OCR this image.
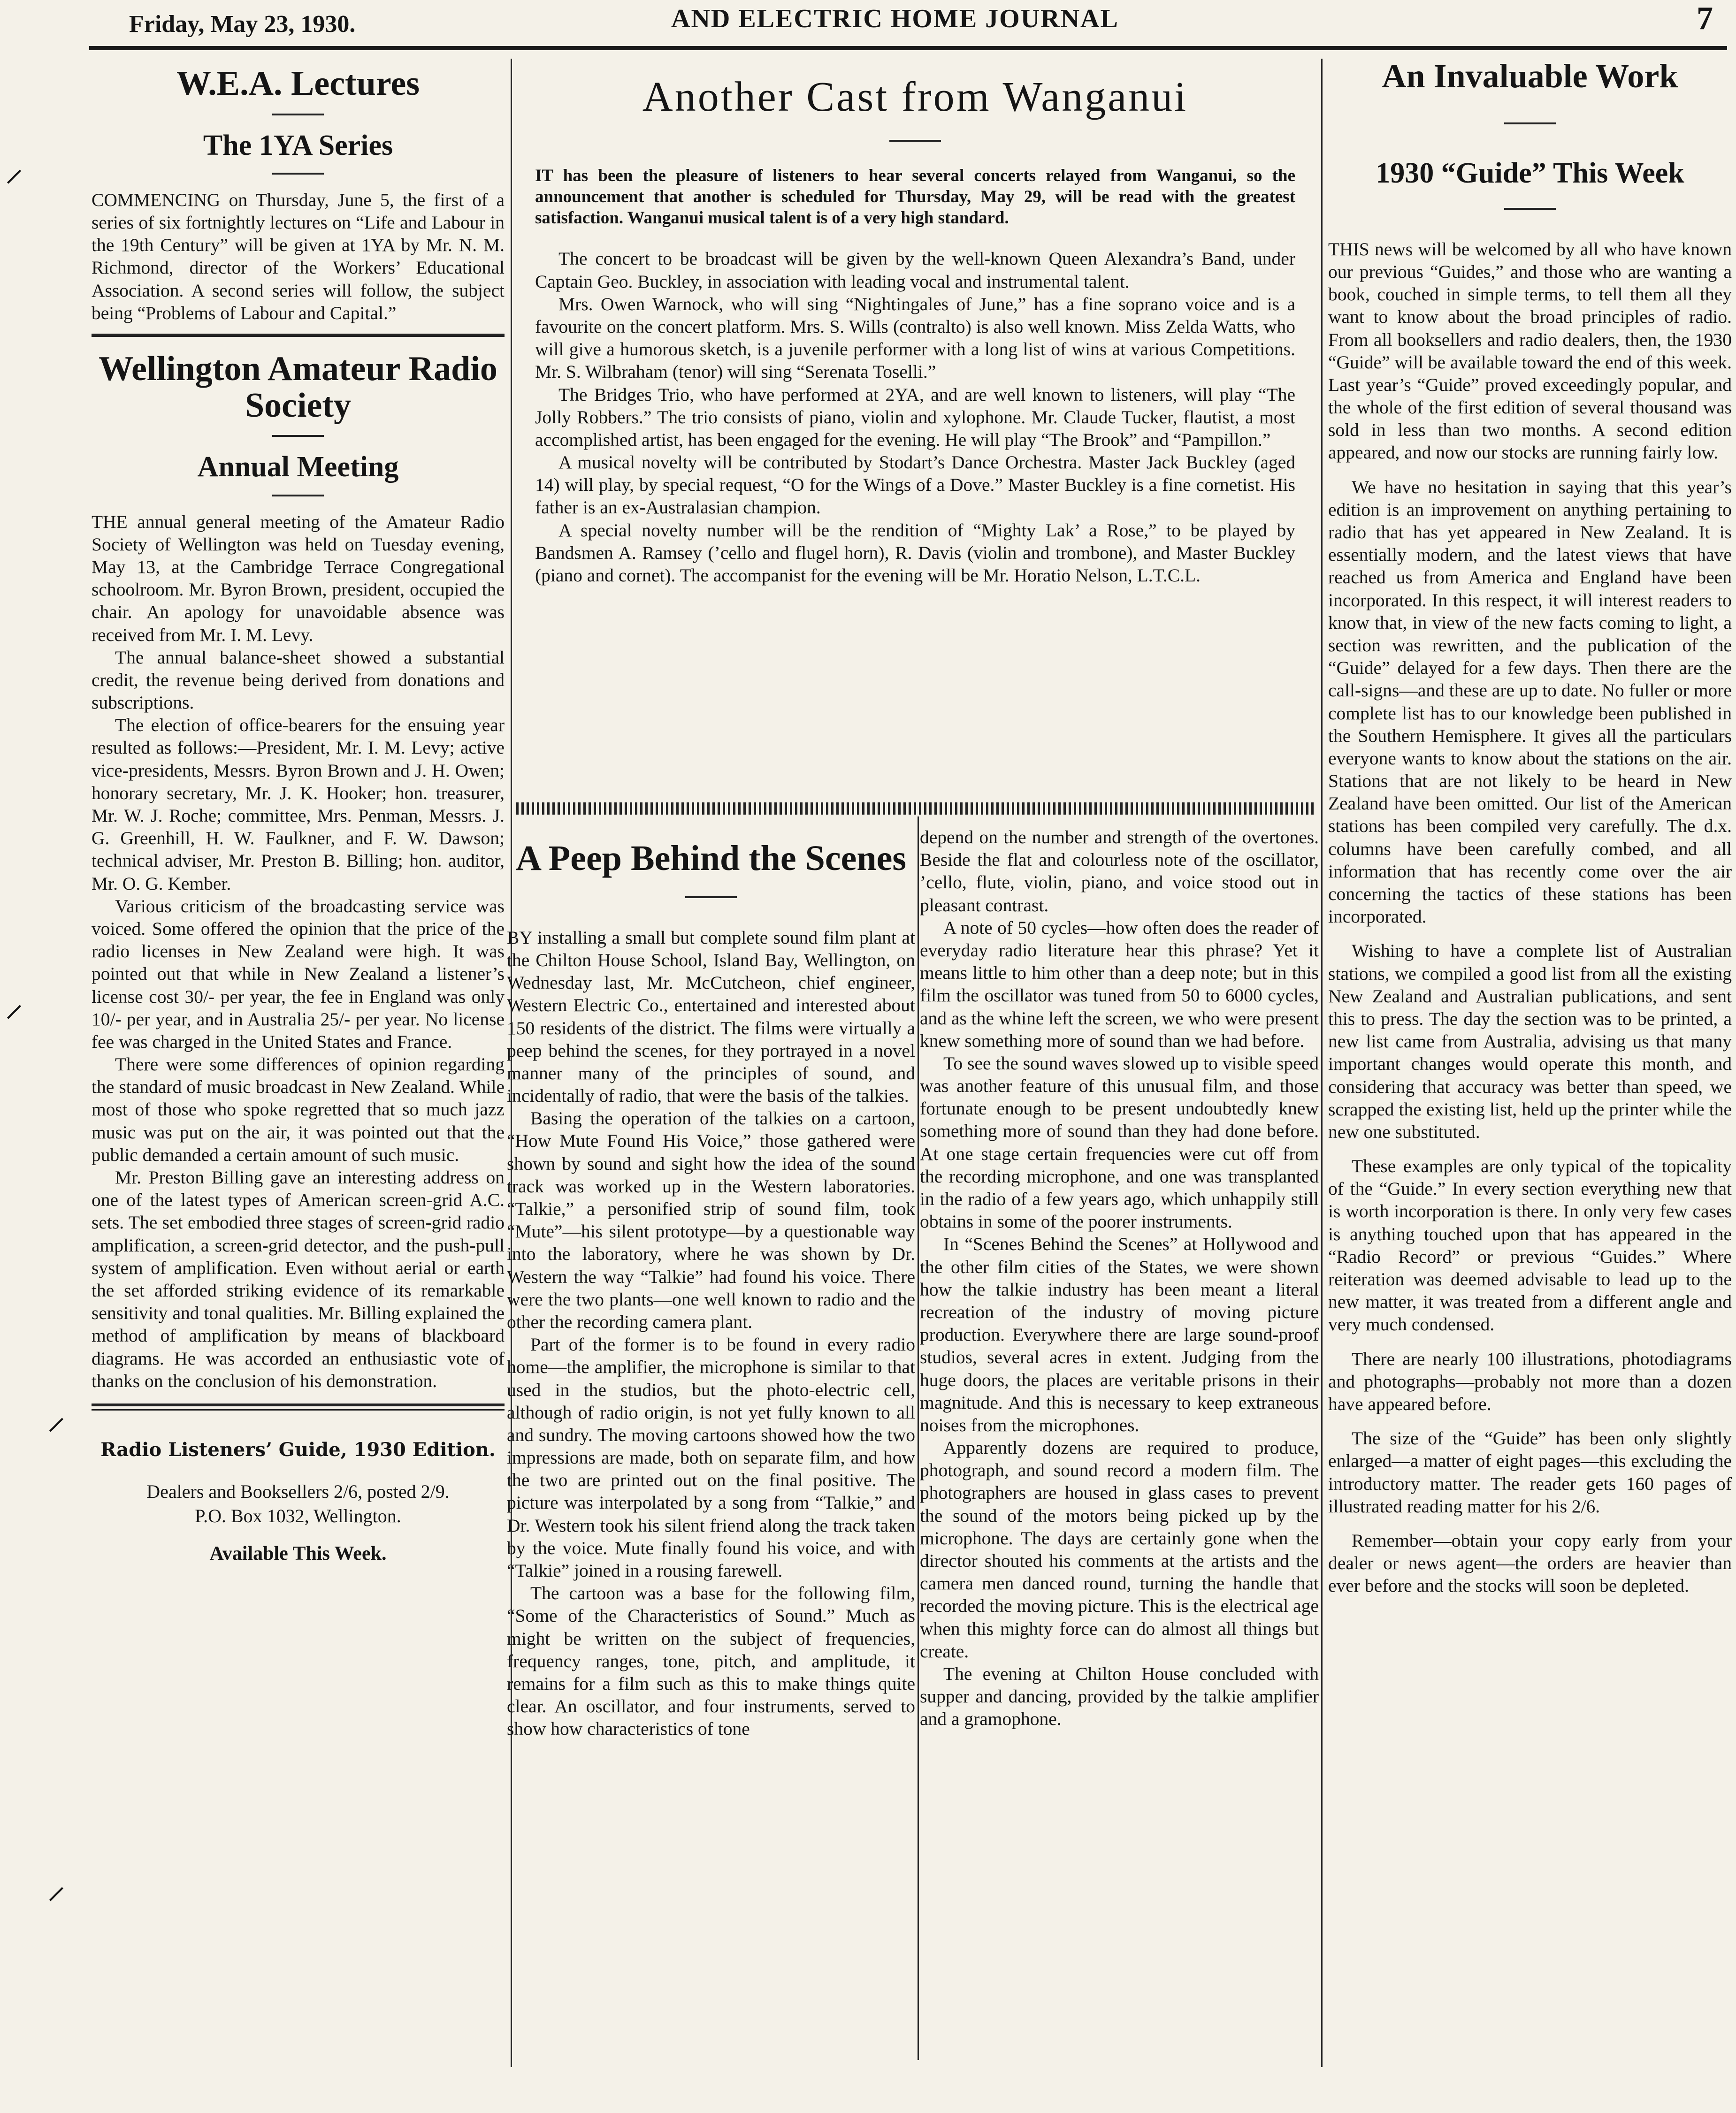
Friday, May 23, 1930.	AND ELECTRIC HOME JOURNAL	7
W.E.A. Lectures
The 1YA Series

COMMENCING on Thursday, June 5, the first of a series of six fortnightly lectures on “Life and Labour in the 19th Century” will be given at 1YA by Mr. N. M. Richmond, director of the Workers’ Educational Association. A second series will follow, the subject being “Problems of Labour and Capital.”

Wellington Amateur Radio Society
Annual Meeting

THE annual general meeting of the Amateur Radio Society of Wellington was held on Tuesday evening, May 13, at the Cambridge Terrace Congregational schoolroom. Mr. Byron Brown, president, occupied the chair. An apology for unavoidable absence was received from Mr. I. M. Levy.

The annual balance-sheet showed a substantial credit, the revenue being derived from donations and subscriptions.

The election of office-bearers for the ensuing year resulted as follows:—President, Mr. I. M. Levy; active vice-presidents, Messrs. Byron Brown and J. H. Owen; honorary secretary, Mr. J. K. Hooker; hon. treasurer, Mr. W. J. Roche; committee, Mrs. Penman, Messrs. J. G. Greenhill, H. W. Faulkner, and F. W. Dawson; technical adviser, Mr. Preston B. Billing; hon. auditor, Mr. O. G. Kember.

Various criticism of the broadcasting service was voiced. Some offered the opinion that the price of the radio licenses in New Zealand were high. It was pointed out that while in New Zealand a listener’s license cost 30/- per year, the fee in England was only 10/- per year, and in Australia 25/- per year. No license fee was charged in the United States and France.

There were some differences of opinion regarding the standard of music broadcast in New Zealand. While most of those who spoke regretted that so much jazz music was put on the air, it was pointed out that the public demanded a certain amount of such music.

Mr. Preston Billing gave an interesting address on one of the latest types of American screen-grid A.C. sets. The set embodied three stages of screen-grid radio amplification, a screen-grid detector, and the push-pull system of amplification. Even without aerial or earth the set afforded striking evidence of its remarkable sensitivity and tonal qualities. Mr. Billing explained the method of amplification by means of blackboard diagrams. He was accorded an enthusiastic vote of thanks on the conclusion of his demonstration.

Radio Listeners’ Guide, 1930 Edition.
Dealers and Booksellers 2/6, posted 2/9.
P.O. Box 1032, Wellington.
Available This Week.
Another Cast from Wanganui

IT has been the pleasure of listeners to hear several concerts relayed from Wanganui, so the announcement that another is scheduled for Thursday, May 29, will be read with the greatest satisfaction. Wanganui musical talent is of a very high standard.

The concert to be broadcast will be given by the well-known Queen Alexandra’s Band, under Captain Geo. Buckley, in association with leading vocal and instrumental talent.

Mrs. Owen Warnock, who will sing “Nightingales of June,” has a fine soprano voice and is a favourite on the concert platform. Mrs. S. Wills (contralto) is also well known. Miss Zelda Watts, who will give a humorous sketch, is a juvenile performer with a long list of wins at various Competitions. Mr. S. Wilbraham (tenor) will sing “Serenata Toselli.”

The Bridges Trio, who have performed at 2YA, and are well known to listeners, will play “The Jolly Robbers.” The trio consists of piano, violin and xylophone. Mr. Claude Tucker, flautist, a most accomplished artist, has been engaged for the evening. He will play “The Brook” and “Pampillon.”

A musical novelty will be contributed by Stodart’s Dance Orchestra. Master Jack Buckley (aged 14) will play, by special request, “O for the Wings of a Dove.” Master Buckley is a fine cornetist. His father is an ex-Australasian champion.

A special novelty number will be the rendition of “Mighty Lak’ a Rose,” to be played by Bandsmen A. Ramsey (’cello and flugel horn), R. Davis (violin and trombone), and Master Buckley (piano and cornet). The accompanist for the evening will be Mr. Horatio Nelson, L.T.C.L.

A Peep Behind the Scenes

BY installing a small but complete sound film plant at the Chilton House School, Island Bay, Wellington, on Wednesday last, Mr. McCutcheon, chief engineer, Western Electric Co., entertained and interested about 150 residents of the district. The films were virtually a peep behind the scenes, for they portrayed in a novel manner many of the principles of sound, and incidentally of radio, that were the basis of the talkies.

Basing the operation of the talkies on a cartoon, “How Mute Found His Voice,” those gathered were shown by sound and sight how the idea of the sound track was worked up in the Western laboratories. “Talkie,” a personified strip of sound film, took “Mute”—his silent prototype—by a questionable way into the laboratory, where he was shown by Dr. Western the way “Talkie” had found his voice. There were the two plants—one well known to radio and the other the recording camera plant.

Part of the former is to be found in every radio home—the amplifier, the microphone is similar to that used in the studios, but the photo-electric cell, although of radio origin, is not yet fully known to all and sundry. The moving cartoons showed how the two impressions are made, both on separate film, and how the two are printed out on the final positive. The picture was interpolated by a song from “Talkie,” and Dr. Western took his silent friend along the track taken by the voice. Mute finally found his voice, and with “Talkie” joined in a rousing farewell.

The cartoon was a base for the following film, “Some of the Characteristics of Sound.” Much as might be written on the subject of frequencies, frequency ranges, tone, pitch, and amplitude, it remains for a film such as this to make things quite clear. An oscillator, and four instruments, served to show how characteristics of tone

depend on the number and strength of the overtones. Beside the flat and colourless note of the oscillator, ’cello, flute, violin, piano, and voice stood out in pleasant contrast.

A note of 50 cycles—how often does the reader of everyday radio literature hear this phrase? Yet it means little to him other than a deep note; but in this film the oscillator was tuned from 50 to 6000 cycles, and as the whine left the screen, we who were present knew something more of sound than we had before.

To see the sound waves slowed up to visible speed was another feature of this unusual film, and those fortunate enough to be present undoubtedly knew something more of sound than they had done before. At one stage certain frequencies were cut off from the recording microphone, and one was transplanted in the radio of a few years ago, which unhappily still obtains in some of the poorer instruments.

In “Scenes Behind the Scenes” at Hollywood and the other film cities of the States, we were shown how the talkie industry has been meant a literal recreation of the industry of moving picture production. Everywhere there are large sound-proof studios, several acres in extent. Judging from the huge doors, the places are veritable prisons in their magnitude. And this is necessary to keep extraneous noises from the microphones.

Apparently dozens are required to produce, photograph, and sound record a modern film. The photographers are housed in glass cases to prevent the sound of the motors being picked up by the microphone. The days are certainly gone when the director shouted his comments at the artists and the camera men danced round, turning the handle that recorded the moving picture. This is the electrical age when this mighty force can do almost all things but create.

The evening at Chilton House concluded with supper and dancing, provided by the talkie amplifier and a gramophone.

An Invaluable Work
1930 “Guide” This Week

THIS news will be welcomed by all who have known our previous “Guides,” and those who are wanting a book, couched in simple terms, to tell them all they want to know about the broad principles of radio. From all booksellers and radio dealers, then, the 1930 “Guide” will be available toward the end of this week. Last year’s “Guide” proved exceedingly popular, and the whole of the first edition of several thousand was sold in less than two months. A second edition appeared, and now our stocks are running fairly low.

We have no hesitation in saying that this year’s edition is an improvement on anything pertaining to radio that has yet appeared in New Zealand. It is essentially modern, and the latest views that have reached us from America and England have been incorporated. In this respect, it will interest readers to know that, in view of the new facts coming to light, a section was rewritten, and the publication of the “Guide” delayed for a few days. Then there are the call-signs—and these are up to date. No fuller or more complete list has to our knowledge been published in the Southern Hemisphere. It gives all the particulars everyone wants to know about the stations on the air. Stations that are not likely to be heard in New Zealand have been omitted. Our list of the American stations has been compiled very carefully. The d.x. columns have been carefully combed, and all information that has recently come over the air concerning the tactics of these stations has been incorporated.

Wishing to have a complete list of Australian stations, we compiled a good list from all the existing New Zealand and Australian publications, and sent this to press. The day the section was to be printed, a new list came from Australia, advising us that many important changes would operate this month, and considering that accuracy was better than speed, we scrapped the existing list, held up the printer while the new one substituted.

These examples are only typical of the topicality of the “Guide.” In every section everything new that is worth incorporation is there. In only very few cases is anything touched upon that has appeared in the “Radio Record” or previous “Guides.” Where reiteration was deemed advisable to lead up to the new matter, it was treated from a different angle and very much condensed.

There are nearly 100 illustrations, photodiagrams and photographs—probably not more than a dozen have appeared before.

The size of the “Guide” has been only slightly enlarged—a matter of eight pages—this excluding the introductory matter. The reader gets 160 pages of illustrated reading matter for his 2/6.

Remember—obtain your copy early from your dealer or news agent—the orders are heavier than ever before and the stocks will soon be depleted.

⸝
⸝
⸝
⸝
